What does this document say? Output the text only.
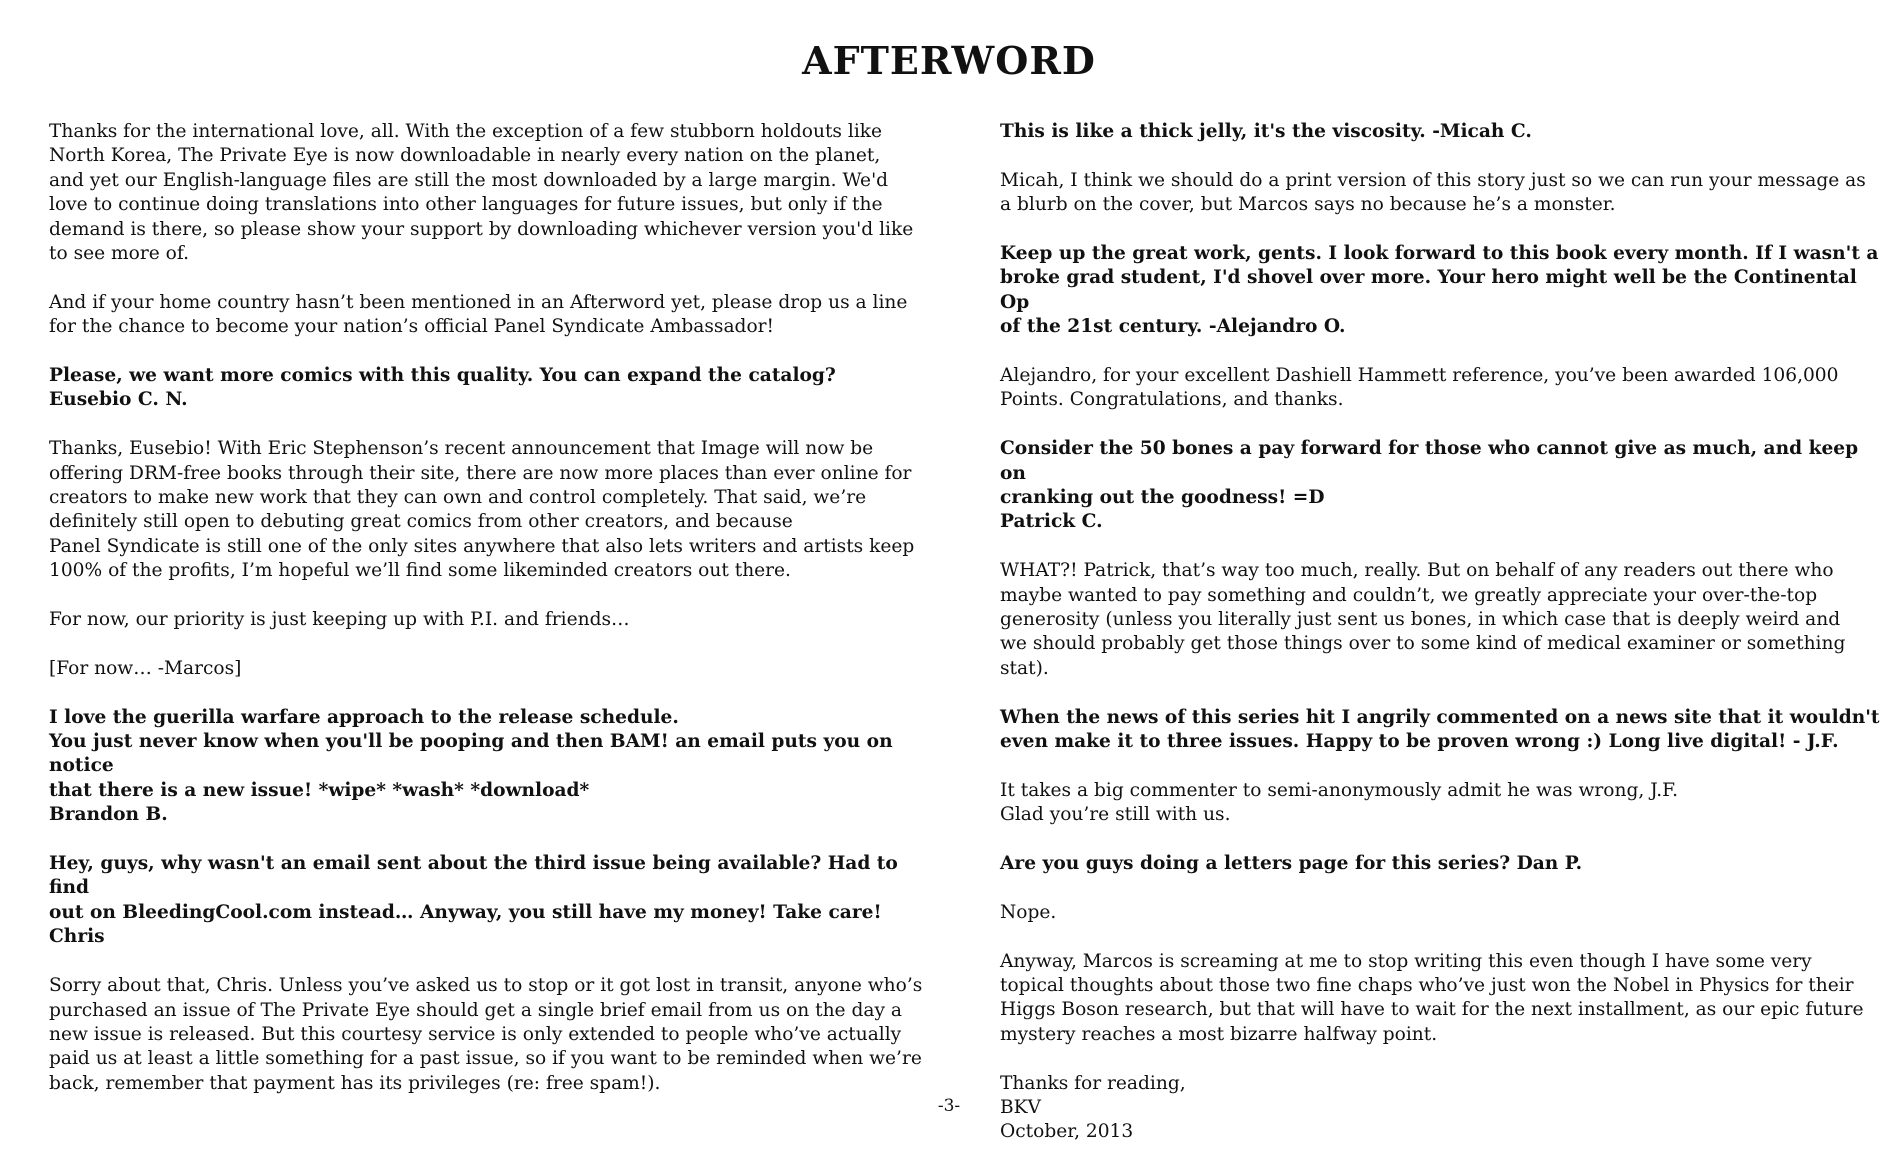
AFTERWORD

Thanks for the international love, all. With the exception of a few stubborn holdouts like
North Korea, The Private Eye is now downloadable in nearly every nation on the planet,
and yet our English-language files are still the most downloaded by a large margin. We'd
love to continue doing translations into other languages for future issues, but only if the
demand is there, so please show your support by downloading whichever version you'd like
to see more of.

And if your home country hasn’t been mentioned in an Afterword yet, please drop us a line
for the chance to become your nation’s official Panel Syndicate Ambassador!

Please, we want more comics with this quality. You can expand the catalog?
Eusebio C. N.

Thanks, Eusebio! With Eric Stephenson’s recent announcement that Image will now be
offering DRM-free books through their site, there are now more places than ever online for
creators to make new work that they can own and control completely. That said, we’re
definitely still open to debuting great comics from other creators, and because
Panel Syndicate is still one of the only sites anywhere that also lets writers and artists keep
100% of the profits, I’m hopeful we’ll find some likeminded creators out there.

For now, our priority is just keeping up with P.I. and friends…

[For now… -Marcos]

I love the guerilla warfare approach to the release schedule.
You just never know when you'll be pooping and then BAM! an email puts you on notice
that there is a new issue! *wipe* *wash* *download*
Brandon B.

Hey, guys, why wasn't an email sent about the third issue being available? Had to find
out on BleedingCool.com instead… Anyway, you still have my money! Take care!
Chris

Sorry about that, Chris. Unless you’ve asked us to stop or it got lost in transit, anyone who’s
purchased an issue of The Private Eye should get a single brief email from us on the day a
new issue is released. But this courtesy service is only extended to people who’ve actually
paid us at least a little something for a past issue, so if you want to be reminded when we’re
back, remember that payment has its privileges (re: free spam!).

This is like a thick jelly, it's the viscosity. -Micah C.

Micah, I think we should do a print version of this story just so we can run your message as
a blurb on the cover, but Marcos says no because he’s a monster.

Keep up the great work, gents. I look forward to this book every month. If I wasn't a
broke grad student, I'd shovel over more. Your hero might well be the Continental Op
of the 21st century. -Alejandro O.

Alejandro, for your excellent Dashiell Hammett reference, you’ve been awarded 106,000
Points. Congratulations, and thanks.

Consider the 50 bones a pay forward for those who cannot give as much, and keep on
cranking out the goodness! =D
Patrick C.

WHAT?! Patrick, that’s way too much, really. But on behalf of any readers out there who
maybe wanted to pay something and couldn’t, we greatly appreciate your over-the-top
generosity (unless you literally just sent us bones, in which case that is deeply weird and
we should probably get those things over to some kind of medical examiner or something
stat).

When the news of this series hit I angrily commented on a news site that it wouldn't
even make it to three issues. Happy to be proven wrong :) Long live digital! - J.F.

It takes a big commenter to semi-anonymously admit he was wrong, J.F.
Glad you’re still with us.

Are you guys doing a letters page for this series? Dan P.

Nope.

Anyway, Marcos is screaming at me to stop writing this even though I have some very
topical thoughts about those two fine chaps who’ve just won the Nobel in Physics for their
Higgs Boson research, but that will have to wait for the next installment, as our epic future
mystery reaches a most bizarre halfway point.

Thanks for reading,
BKV
October, 2013

-3-
